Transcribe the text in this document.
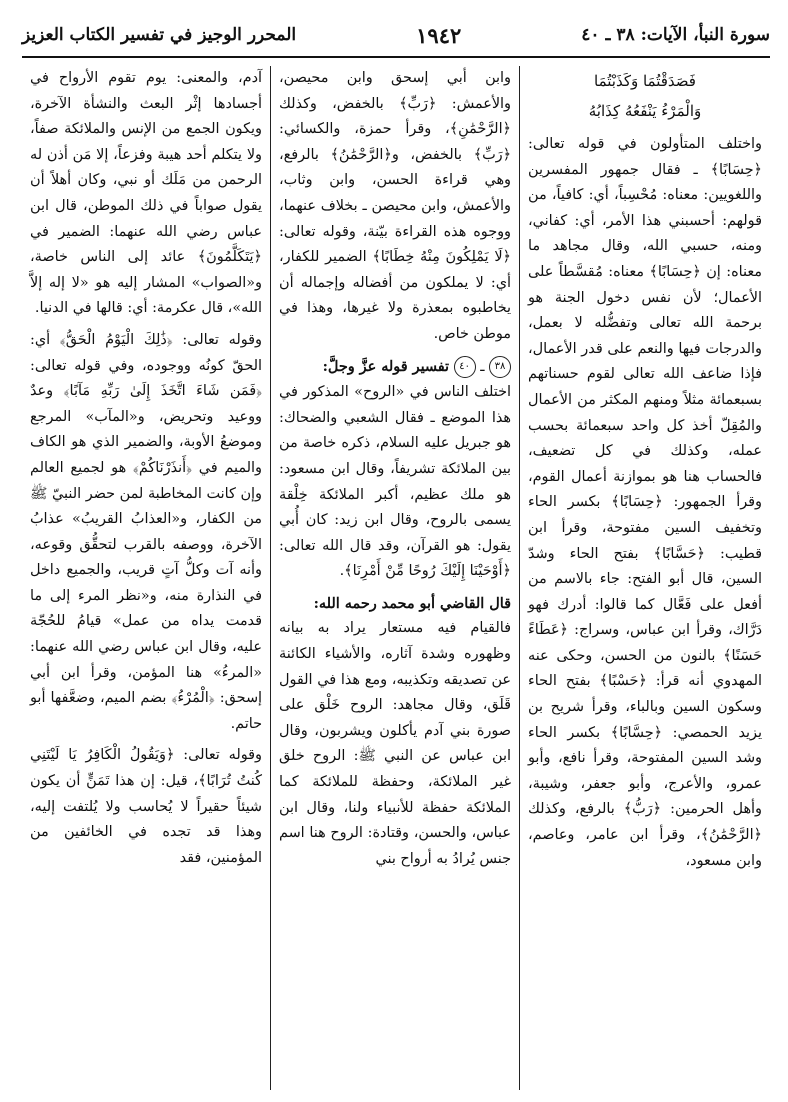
سورة النبأ، الآيات: ٣٨ ـ ٤٠
١٩٤٢
المحرر الوجيز في تفسير الكتاب العزيز
فَصَدَقْتُمَا وَكَذَبْتُمَا
وَالْمَرْءُ يَنْفَعُهُ كِذَابُهُ

واختلف المتأولون في قوله تعالى: ﴿حِسَابًا﴾ ـ فقال جمهور المفسرين واللغويين: معناه: مُحْسِباً، أي: كافياً، من قولهم: أحسبني هذا الأمر، أي: كفاني، ومنه، حسبي الله، وقال مجاهد ما معناه: إن ﴿حِسَابًا﴾ معناه: مُقسَّطاً على الأعمال؛ لأن نفس دخول الجنة هو برحمة الله تعالى وتفضُّله لا بعمل، والدرجات فيها والنعم على قدر الأعمال، فإذا ضاعف الله تعالى لقوم حسناتهم بسبعمائة مثلاً ومنهم المكثر من الأعمال والمُقِلّ أخذ كل واحد سبعمائة بحسب عمله، وكذلك في كل تضعيف، فالحساب هنا هو بموازنة أعمال القوم، وقرأ الجمهور: ﴿حِسَابًا﴾ بكسر الحاء وتخفيف السين مفتوحة، وقرأ ابن قطيب: ﴿حَسَّابًا﴾ بفتح الحاء وشدّ السين، قال أبو الفتح: جاء بالاسم من أفعل على فَعَّال كما قالوا: أدرك فهو دَرَّاك، وقرأ ابن عباس، وسراج: ﴿عَطَاءً حَسَنًا﴾ بالنون من الحسن، وحكى عنه المهدوي أنه قرأ: ﴿حَسْبًا﴾ بفتح الحاء وسكون السين وبالباء، وقرأ شريح بن يزيد الحمصي: ﴿حِسَّابًا﴾ بكسر الحاء وشد السين المفتوحة، وقرأ نافع، وأبو عمرو، والأعرج، وأبو جعفر، وشيبة، وأهل الحرمين: ﴿رَبُّ﴾ بالرفع، وكذلك ﴿الرَّحْمَٰنُ﴾، وقرأ ابن عامر، وعاصم، وابن مسعود،

وابن أبي إسحق وابن محيصن، والأعمش: ﴿رَبِّ﴾ بالخفض، وكذلك ﴿الرَّحْمَٰنِ﴾، وقرأ حمزة، والكسائي: ﴿رَبِّ﴾ بالخفض، و﴿الرَّحْمَٰنُ﴾ بالرفع، وهي قراءة الحسن، وابن وثاب، والأعمش، وابن محيصن ـ بخلاف عنهما، ووجوه هذه القراءة بيّنة، وقوله تعالى: ﴿لَا يَمْلِكُونَ مِنْهُ خِطَابًا﴾ الضمير للكفار، أي: لا يملكون من أفضاله وإجماله أن يخاطبوه بمعذرة ولا غيرها، وهذا في موطن خاص.

٣٨ ـ ٤٠ تفسير قوله عزَّ وجلَّ:

اختلف الناس في «الروح» المذكور في هذا الموضع ـ فقال الشعبي والضحاك: هو جبريل عليه السلام، ذكره خاصة من بين الملائكة تشريفاً، وقال ابن مسعود: هو ملك عظيم، أكبر الملائكة خِلْقة يسمى بالروح، وقال ابن زيد: كان أُبي يقول: هو القرآن، وقد قال الله تعالى: ﴿أَوْحَيْنَا إِلَيْكَ رُوحًا مِّنْ أَمْرِنَا﴾.

قال القاضي أبو محمد رحمه الله:

فالقيام فيه مستعار يراد به بيانه وظهوره وشدة آثاره، والأشياء الكائنة عن تصديقه وتكذيبه، ومع هذا في القول قَلَق، وقال مجاهد: الروح خَلْق على صورة بني آدم يأكلون ويشربون، وقال ابن عباس عن النبي ﷺ: الروح خلق غير الملائكة، وحفظة للملائكة كما الملائكة حفظة للأنبياء ولنا، وقال ابن عباس، والحسن، وقتادة: الروح هنا اسم جنس يُرادُ به أرواح بني

آدم، والمعنى: يوم تقوم الأرواح في أجسادها إثْر البعث والنشأة الآخرة، ويكون الجمع من الإنس والملائكة صفاً، ولا يتكلم أحد هيبة وفزعاً، إلا مَن أذن له الرحمن من مَلَك أو نبي، وكان أهلاً أن يقول صواباً في ذلك الموطن، قال ابن عباس رضي الله عنهما: الضمير في ﴿يَتَكَلَّمُونَ﴾ عائد إلى الناس خاصة، و«الصواب» المشار إليه هو «لا إله إلاَّ الله»، قال عكرمة: أي: قالها في الدنيا.

وقوله تعالى: ﴿ذَٰلِكَ الْيَوْمُ الْحَقُّ﴾ أي: الحقّ كونُه ووجوده، وفي قوله تعالى: ﴿فَمَن شَاءَ اتَّخَذَ إِلَىٰ رَبِّهِ مَآبًا﴾ وعدٌ ووعيد وتحريض، و«المآب» المرجع وموضعُ الأوبة، والضمير الذي هو الكاف والميم في ﴿أَنذَرْنَاكُمْ﴾ هو لجميع العالم وإن كانت المخاطبة لمن حضر النبيّ ﷺ من الكفار، و«العذابُ القريبُ» عذابُ الآخرة، ووصفه بالقرب لتحقُّق وقوعه، وأنه آت وكلُّ آتٍ قريب، والجميع داخل في النذارة منه، و«نظر المرء إلى ما قدمت يداه من عمل» قيامُ للحُجّة عليه، وقال ابن عباس رضي الله عنهما: «المرءُ» هنا المؤمن، وقرأ ابن أبي إسحق: ﴿الْمُرْءُ﴾ بضم الميم، وضعَّفها أبو حاتم.

وقوله تعالى: ﴿وَيَقُولُ الْكَافِرُ يَا لَيْتَنِي كُنتُ تُرَابًا﴾، قيل: إن هذا تَمَنٍّ أن يكون شيئاً حقيراً لا يُحاسب ولا يُلتفت إليه، وهذا قد تجده في الخائفين من المؤمنين، فقد
